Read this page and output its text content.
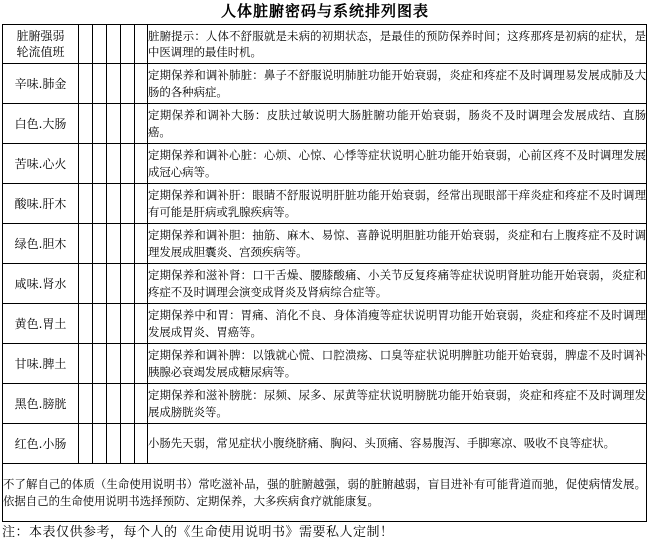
人体脏腑密码与系统排列图表
脏腑强弱
轮流值班						脏腑提示：人体不舒服就是未病的初期状态，是最佳的预防保养时间；这疼那疼是初病的症状，是中医调理的最佳时机。
辛味.肺金						定期保养和调补肺脏：鼻子不舒服说明肺脏功能开始衰弱，炎症和疼症不及时调理易发展成肺及大肠的各种病症。
白色.大肠						定期保养和调补大肠：皮肤过敏说明大肠脏腑功能开始衰弱，肠炎不及时调理会发展成结、直肠癌。
苦味.心火						定期保养和调补心脏：心烦、心惊、心悸等症状说明心脏功能开始衰弱，心前区疼不及时调理发展成冠心病等。
酸味.肝木						定期保养和调补肝：眼睛不舒服说明肝脏功能开始衰弱，经常出现眼部干痒炎症和疼症不及时调理有可能是肝病或乳腺疾病等。
绿色.胆木						定期保养和调补胆：抽筋、麻木、易惊、喜静说明胆脏功能开始衰弱，炎症和右上腹疼症不及时调理发展成胆囊炎、宫颈疾病等。
咸味.肾水						定期保养和滋补肾：口干舌燥、腰膝酸痛、小关节反复疼痛等症状说明肾脏功能开始衰弱，炎症和疼症不及时调理会演变成肾炎及肾病综合症等。
黄色.胃土						定期保养中和胃：胃痛、消化不良、身体消瘦等症状说明胃功能开始衰弱，炎症和疼症不及时调理发展成胃炎、胃癌等。
甘味.脾土						定期保养和调补脾：以饿就心慌、口腔溃疡、口臭等症状说明脾脏功能开始衰弱，脾虚不及时调补胰腺必衰竭发展成糖尿病等。
黑色.膀胱						定期保养和滋补膀胱：尿频、尿多、尿黄等症状说明膀胱功能开始衰弱，炎症和疼症不及时调理发展成膀胱炎等。
红色.小肠						小肠先天弱，常见症状小腹绕脐痛、胸闷、头顶痛、容易腹泻、手脚寒凉、吸收不良等症状。
不了解自己的体质（生命使用说明书）常吃滋补品，强的脏腑越强，弱的脏腑越弱，盲目进补有可能背道而驰，促使病情发展。依据自己的生命使用说明书选择预防、定期保养，大多疾病食疗就能康复。						
注：本表仅供参考，每个人的《生命使用说明书》需要私人定制！
